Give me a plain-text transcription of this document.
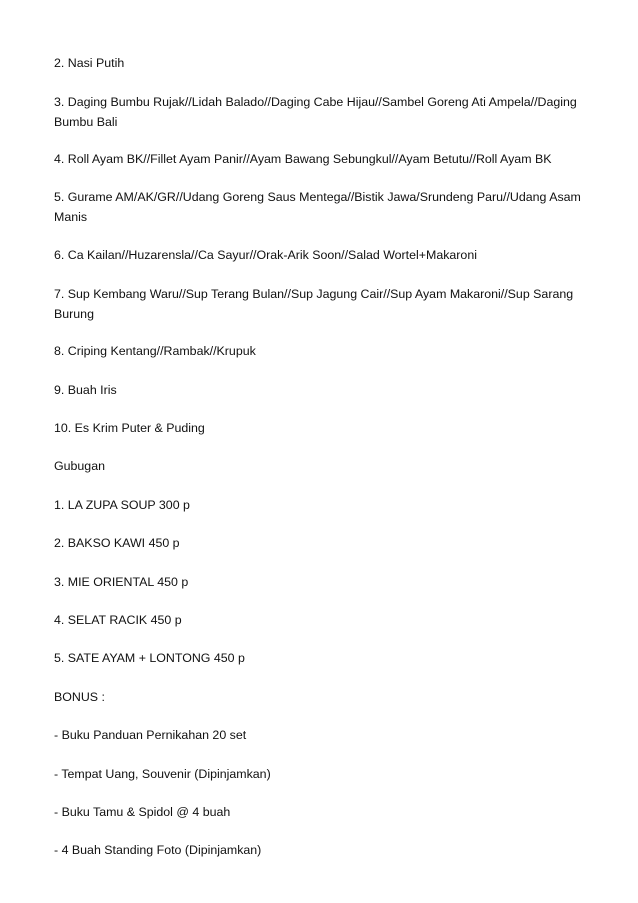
2. Nasi Putih
3. Daging Bumbu Rujak//Lidah Balado//Daging Cabe Hijau//Sambel Goreng Ati Ampela//Daging Bumbu Bali
4. Roll Ayam BK//Fillet Ayam Panir//Ayam Bawang Sebungkul//Ayam Betutu//Roll Ayam BK
5. Gurame AM/AK/GR//Udang Goreng Saus Mentega//Bistik Jawa/Srundeng Paru//Udang Asam Manis
6. Ca Kailan//Huzarensla//Ca Sayur//Orak-Arik Soon//Salad Wortel+Makaroni
7. Sup Kembang Waru//Sup Terang Bulan//Sup Jagung Cair//Sup Ayam Makaroni//Sup Sarang Burung
8. Criping Kentang//Rambak//Krupuk
9. Buah Iris
10. Es Krim Puter & Puding
Gubugan
1. LA ZUPA SOUP 300 p
2. BAKSO KAWI 450 p
3. MIE ORIENTAL 450 p
4. SELAT RACIK 450 p
5. SATE AYAM + LONTONG 450 p
BONUS :
- Buku Panduan Pernikahan 20 set
- Tempat Uang, Souvenir (Dipinjamkan)
- Buku Tamu & Spidol @ 4 buah
- 4 Buah Standing Foto (Dipinjamkan)
